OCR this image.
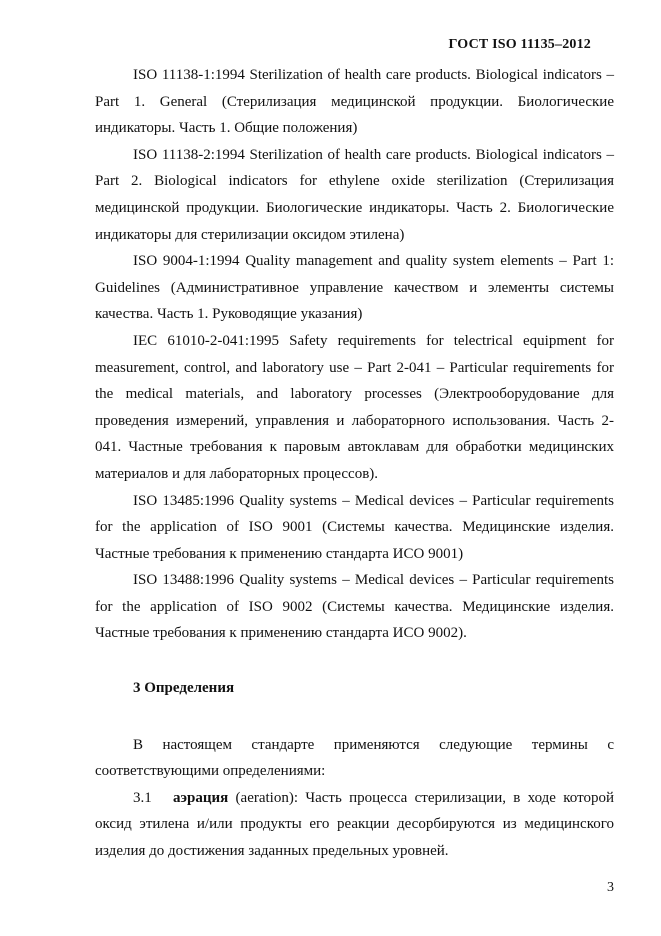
ГОСТ ISO 11135–2012

ISO 11138-1:1994 Sterilization of health care products. Biological indicators – Part 1. General (Стерилизация медицинской продукции. Биологические индикаторы. Часть 1. Общие положения)

ISO 11138-2:1994 Sterilization of health care products. Biological indicators – Part 2. Biological indicators for ethylene oxide sterilization (Стерилизация медицинской продукции. Биологические индикаторы. Часть 2. Биологические индикаторы для стерилизации оксидом этилена)

ISO 9004-1:1994 Quality management and quality system elements – Part 1: Guidelines (Административное управление качеством и элементы системы качества. Часть 1. Руководящие указания)

IEC 61010-2-041:1995 Safety requirements for telectrical equipment for measurement, control, and laboratory use – Part 2-041 – Particular requirements for the medical materials, and laboratory processes (Электрооборудование для проведения измерений, управления и лабораторного использования. Часть 2-041. Частные требования к паровым автоклавам для обработки медицинских материалов и для лабораторных процессов).

ISO 13485:1996 Quality systems – Medical devices – Particular requirements for the application of ISO 9001 (Системы качества. Медицинские изделия. Частные требования к применению стандарта ИСО 9001)

ISO 13488:1996 Quality systems – Medical devices – Particular requirements for the application of ISO 9002 (Системы качества. Медицинские изделия. Частные требования к применению стандарта ИСО 9002).

3 Определения

В настоящем стандарте применяются следующие термины с соответствующими определениями:

3.1 аэрация (aeration): Часть процесса стерилизации, в ходе которой оксид этилена и/или продукты его реакции десорбируются из медицинского изделия до достижения заданных предельных уровней.

3
